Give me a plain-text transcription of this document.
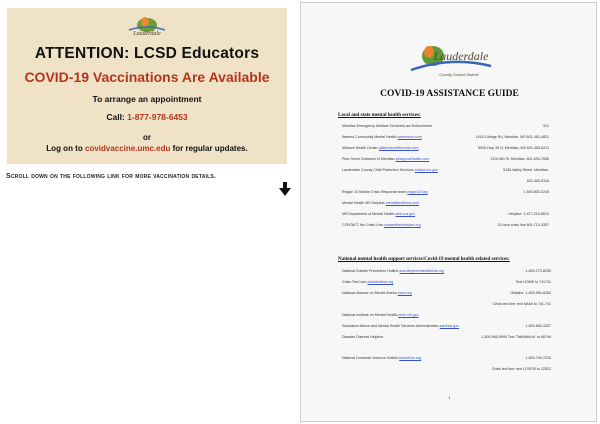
Lauderdale
ATTENTION: LCSD Educators
COVID-19 Vaccinations Are Available
To arrange an appointment
Call: 1-877-978-6453
or
Log on to covidvaccine.umc.edu for regular updates.
Scroll down on the following link for more vaccination details.
Lauderdale
County School District
COVID-19 ASSISTANCE GUIDE
Local and state mental health services:
Meridian Emergency Medical Services/Law Enforcement	911
Weems Community Mental Health-weemsmh.com	1415 College Rd, Meridian, MS 601-483-4821
Alliance Health Center-alliancehealthcenter.com	5000 Hwy 39 N, Meridian, MS 601-483-6211
Pine Grove Outreach of Meridian-pinegrovehealth.com	2100 8th St, Meridian, 601-693-7656
Lauderdale County Child Protection Services-mdcps.ms.gov	5136 Valley Street, Meridian,
601-482-6116
Region 10 Mobile Crisis Response team-region10.org	1-800-803-0245
Mental Health MS Helpline-mentalhealthms.com
MS Department of Mental Health-dmh.ms.gov	Helpline: 1-877-210-8513
CONTACT the Crisis Line-contactthecrisisline.org	24-hour crisis line 601-713-4357
National mental health support services/Covid-19 mental health related services:
National Suicide Prevention Hotline-suicidepreventionlifeline.org	1-800-273-8255
Crisis Text Line-crisistextline.org	Text HOME to 741741
National Alliance on Mental Illness-nami.org	Helpline: 1-800-950-6264
Crisis text line: text NAMI to 741-741
National Institute on Mental Health-nimh.nih.gov
Substance Abuse and Mental Health Services Administration-samhsa.gov	1-800-662-4357
Disaster Distress Helpline-	1-800-985-5990 Text "TalkWithUs" to 66746
National Domestic Violence Hotline-thehotline.org	1-800-799-7233
Crisis text line: text LOVEIS to 22522
1
